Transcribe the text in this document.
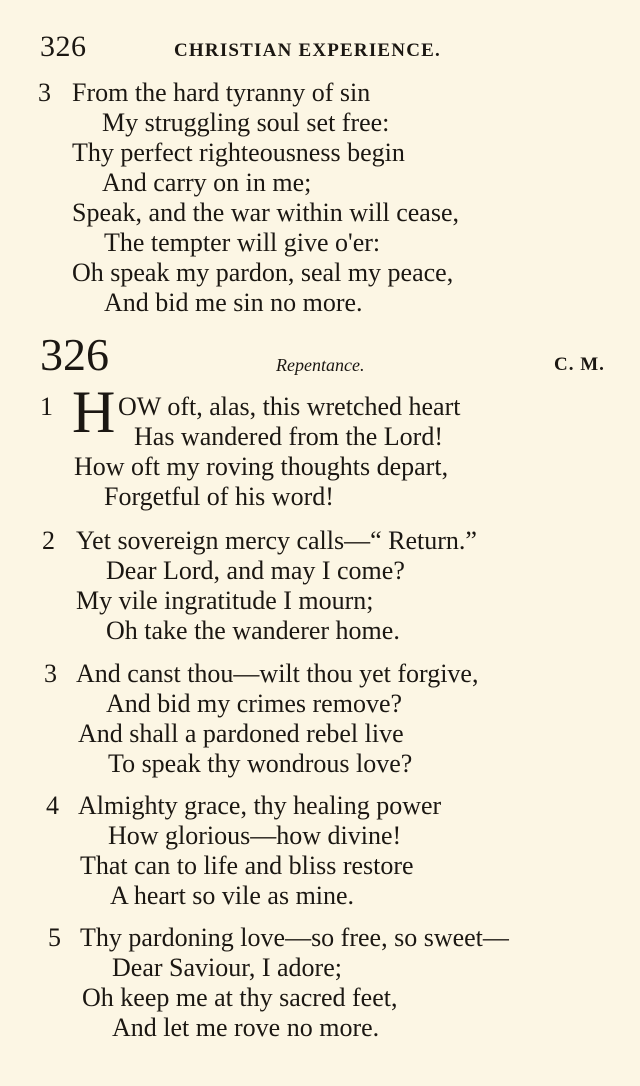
326	CHRISTIAN EXPERIENCE.
3 From the hard tyranny of sin
My struggling soul set free:
Thy perfect righteousness begin
And carry on in me;
Speak, and the war within will cease,
The tempter will give o'er:
Oh speak my pardon, seal my peace,
And bid me sin no more.
326	Repentance.	C. M.
1 H OW oft, alas, this wretched heart
Has wandered from the Lord!
How oft my roving thoughts depart,
Forgetful of his word!
2 Yet sovereign mercy calls—“ Return.”
Dear Lord, and may I come?
My vile ingratitude I mourn;
Oh take the wanderer home.
3 And canst thou—wilt thou yet forgive,
And bid my crimes remove?
And shall a pardoned rebel live
To speak thy wondrous love?
4 Almighty grace, thy healing power
How glorious—how divine!
That can to life and bliss restore
A heart so vile as mine.
5 Thy pardoning love—so free, so sweet—
Dear Saviour, I adore;
Oh keep me at thy sacred feet,
And let me rove no more.
